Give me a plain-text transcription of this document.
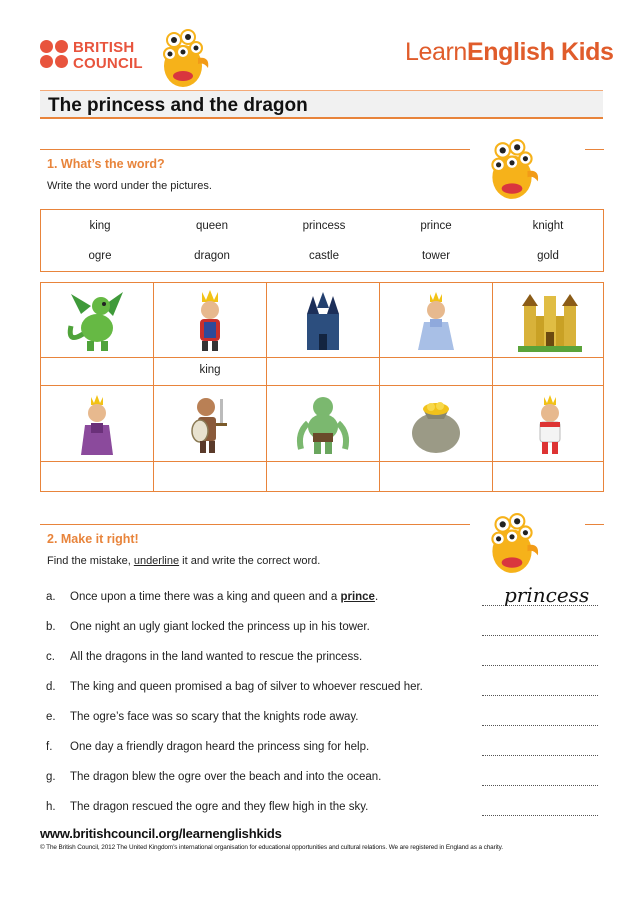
BRITISH
COUNCIL	LearnEnglish Kids
The princess and the dragon
1. What’s the word?
Write the word under the pictures.
king	queen	princess	prince	knight
ogre	dragon	castle	tower	gold
king
2. Make it right!
Find the mistake, underline it and write the correct word.
a. Once upon a time there was a king and queen and a prince.
b. One night an ugly giant locked the princess up in his tower.
c. All the dragons in the land wanted to rescue the princess.
d. The king and queen promised a bag of silver to whoever rescued her.
e. The ogre’s face was so scary that the knights rode away.
f. One day a friendly dragon heard the princess sing for help.
g. The dragon blew the ogre over the beach and into the ocean.
h. The dragon rescued the ogre and they flew high in the sky.
princess
www.britishcouncil.org/learnenglishkids
© The British Council, 2012 The United Kingdom’s international organisation for educational opportunities and cultural relations. We are registered in England as a charity.
